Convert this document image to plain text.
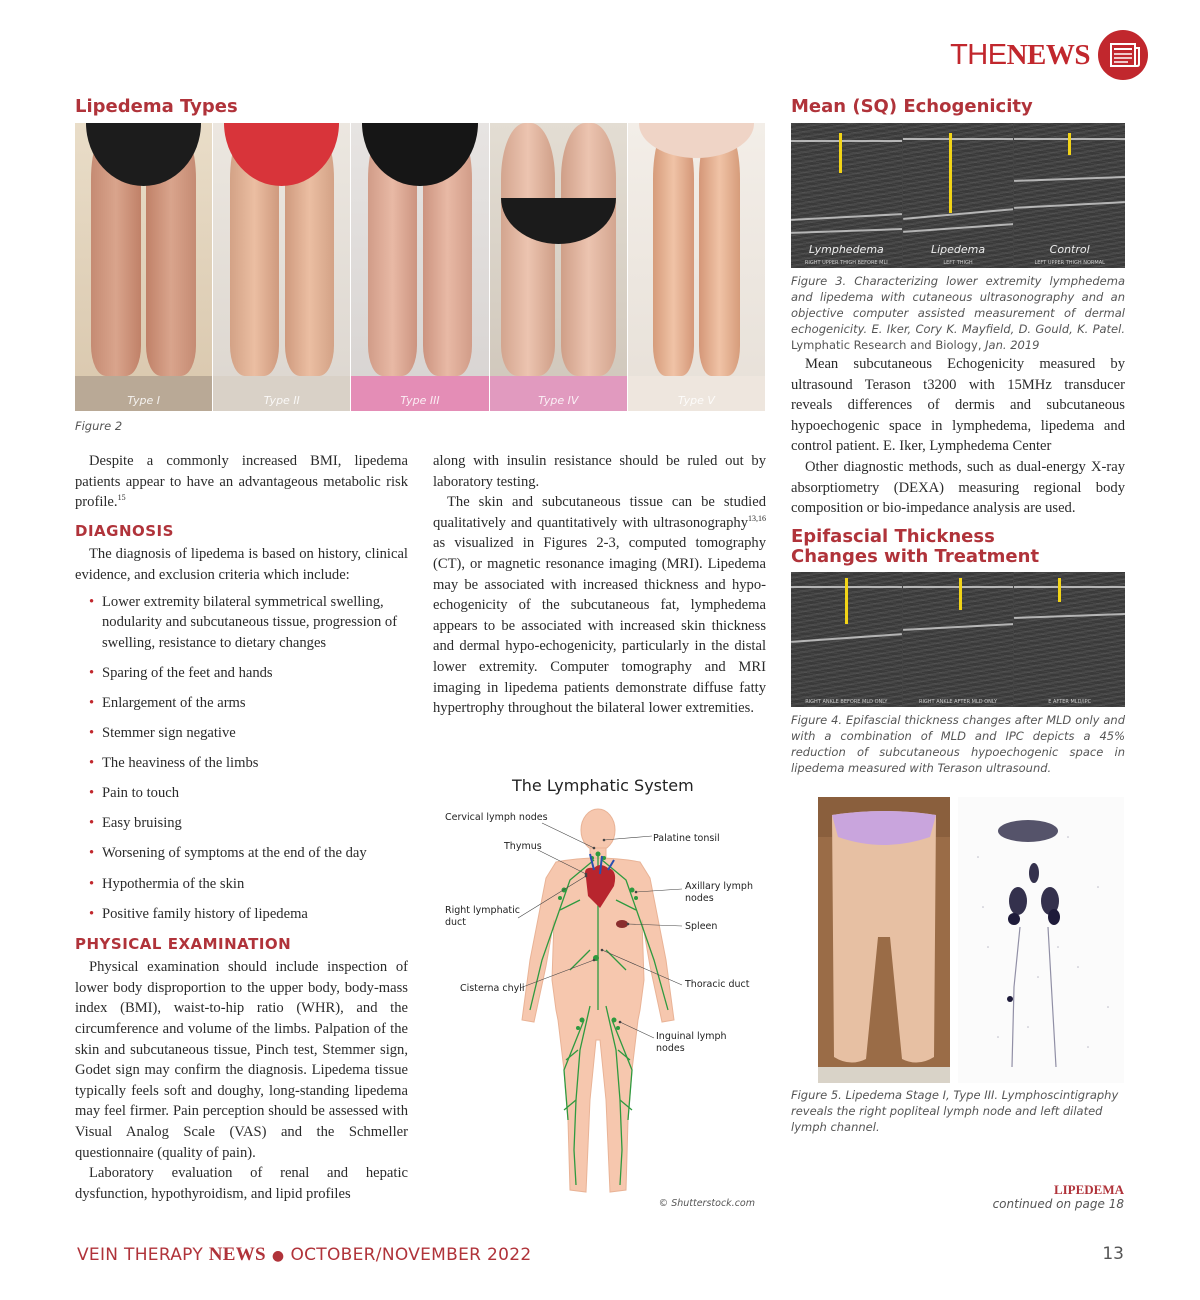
THENEWS
Lipedema Types	Mean (SQ) Echogenicity
Epifascial Thickness
Changes with Treatment
Type I	Type II	Type III	Type IV	Type V
Figure 2
Lymphedema
RIGHT UPPER THIGH BEFORE MLI
Lipedema
LEFT THIGH
Control
LEFT UPPER THIGH NORMAL
Figure 3. Characterizing lower extremity lymphedema and lipedema with cutaneous ultrasonography and an objective computer assisted measurement of dermal echogenicity. E. Iker, Cory K. Mayfield, D. Gould, K. Patel. Lymphatic Research and Biology, Jan. 2019

Mean subcutaneous Echogenicity measured by ultrasound Terason t3200 with 15MHz transducer reveals differences of dermis and subcutaneous hypoechogenic space in lymphedema, lipedema and control patient. E. Iker, Lymphedema Center

Other diagnostic methods, such as dual-energy X-ray absorptiometry (DEXA) measuring regional body composition or bio-impedance analysis are used.

RIGHT ANKLE BEFORE MLD ONLY	RIGHT ANKLE AFTER MLD ONLY	E AFTER MLD/IPC
Figure 4. Epifascial thickness changes after MLD only and with a combination of MLD and IPC depicts a 45% reduction of subcutaneous hypoechogenic space in lipedema measured with Terason ultrasound.
Figure 5. Lipedema Stage I, Type III. Lymphoscintigraphy reveals the right popliteal lymph node and left dilated lymph channel.

Despite a commonly increased BMI, lipedema patients appear to have an advantageous metabolic risk profile.$^{15}$

DIAGNOSIS

The diagnosis of lipedema is based on history, clinical evidence, and exclusion criteria which include:

• Lower extremity bilateral symmetrical swelling, nodularity and subcutaneous tissue, progression of swelling, resistance to dietary changes
• Sparing of the feet and hands
• Enlargement of the arms
• Stemmer sign negative
• The heaviness of the limbs
• Pain to touch
• Easy bruising
• Worsening of symptoms at the end of the day
• Hypothermia of the skin
• Positive family history of lipedema
PHYSICAL EXAMINATION

Physical examination should include inspection of lower body disproportion to the upper body, body-mass index (BMI), waist-to-hip ratio (WHR), and the circumference and volume of the limbs. Palpation of the skin and subcutaneous tissue, Pinch test, Stemmer sign, Godet sign may confirm the diagnosis. Lipedema tissue typically feels soft and doughy, long-standing lipedema may feel firmer. Pain perception should be assessed with Visual Analog Scale (VAS) and the Schmeller questionnaire (quality of pain).

Laboratory evaluation of renal and hepatic dysfunction, hypothyroidism, and lipid profiles

along with insulin resistance should be ruled out by laboratory testing.

The skin and subcutaneous tissue can be studied qualitatively and quantitatively with ultrasonography$^{13,16}$ as visualized in Figures 2-3, computed tomography (CT), or magnetic resonance imaging (MRI). Lipedema may be associated with increased thickness and hypo-echogenicity of the subcutaneous fat, lymphedema appears to be associated with increased skin thickness and dermal hypo-echogenicity, particularly in the distal lower extremity. Computer tomography and MRI imaging in lipedema patients demonstrate diffuse fatty hypertrophy throughout the bilateral lower extremities.

The Lymphatic System
Cervical lymph nodes
Thymus
Palatine tonsil
Axillary lymph nodes
Right lymphatic duct	Spleen
Cisterna chyli	Thoracic duct
Inguinal lymph nodes
© Shutterstock.com
LIPEDEMA
continued on page 18
VEIN THERAPY NEWS ● OCTOBER/NOVEMBER 2022	13
